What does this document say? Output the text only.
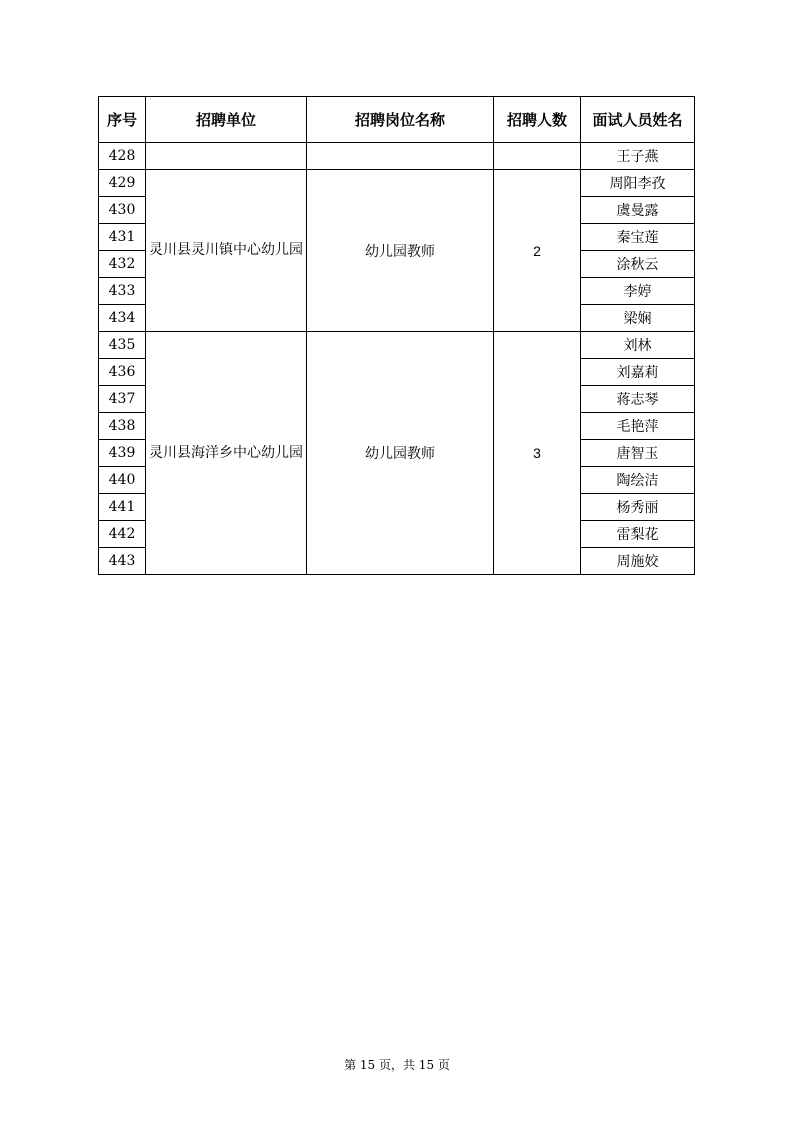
序号	招聘单位	招聘岗位名称	招聘人数	面试人员姓名
428				王子燕
429	灵川县灵川镇中心幼儿园	幼儿园教师	2	周阳李孜
430				虞曼露
431				秦宝莲
432				涂秋云
433				李婷
434				梁娴
435	灵川县海洋乡中心幼儿园	幼儿园教师	3	刘林
436				刘嘉莉
437				蒋志琴
438				毛艳萍
439				唐智玉
440				陶绘洁
441				杨秀丽
442				雷梨花
443				周施姣
第 15 页，共 15 页
